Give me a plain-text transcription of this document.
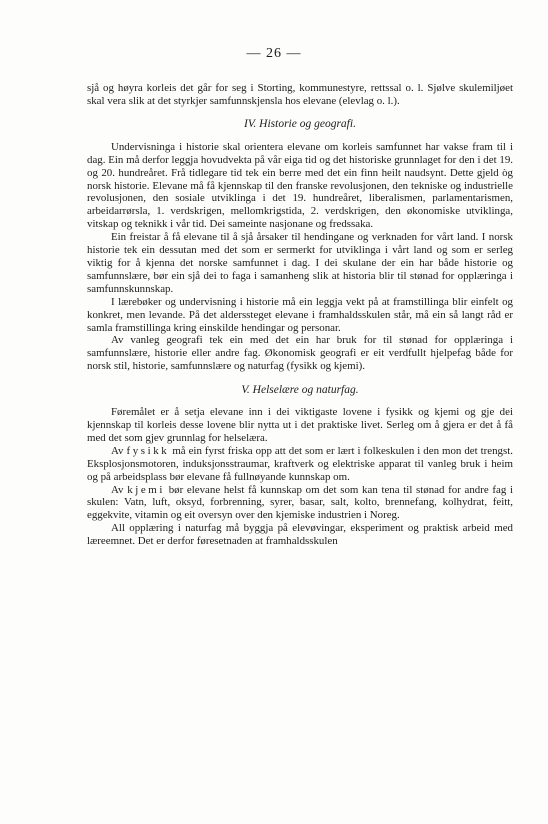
— 26 —

sjå og høyra korleis det går for seg i Storting, kommunestyre, rettssal o. l. Sjølve skulemiljøet skal vera slik at det styrkjer samfunnskjensla hos elevane (elevlag o. l.).

IV. Historie og geografi.

Undervisninga i historie skal orientera elevane om korleis samfunnet har vakse fram til i dag. Ein må derfor leggja hovudvekta på vår eiga tid og det historiske grunnlaget for den i det 19. og 20. hundreåret. Frå tidlegare tid tek ein berre med det ein finn heilt naudsynt. Dette gjeld òg norsk historie. Elevane må få kjennskap til den franske revolusjonen, den tekniske og industrielle revolusjonen, den sosiale utviklinga i det 19. hundreåret, liberalismen, parlamentarismen, arbeidarrørsla, 1. verdskrigen, mellomkrigstida, 2. verdskrigen, den økonomiske utviklinga, vitskap og teknikk i vår tid. Dei sameinte nasjonane og fredssaka.

Ein freistar å få elevane til å sjå årsaker til hendingane og verknaden for vårt land. I norsk historie tek ein dessutan med det som er sermerkt for utviklinga i vårt land og som er serleg viktig for å kjenna det norske samfunnet i dag. I dei skulane der ein har både historie og samfunnslære, bør ein sjå dei to faga i samanheng slik at historia blir til stønad for opplæringa i samfunnskunnskap.

I lærebøker og undervisning i historie må ein leggja vekt på at framstillinga blir einfelt og konkret, men levande. På det alderssteget elevane i framhaldsskulen står, må ein så langt råd er samla framstillinga kring einskilde hendingar og personar.

Av vanleg geografi tek ein med det ein har bruk for til stønad for opplæringa i samfunnslære, historie eller andre fag. Økonomisk geografi er eit verdfullt hjelpefag både for norsk stil, historie, samfunnslære og naturfag (fysikk og kjemi).

V. Helselære og naturfag.

Føremålet er å setja elevane inn i dei viktigaste lovene i fysikk og kjemi og gje dei kjennskap til korleis desse lovene blir nytta ut i det praktiske livet. Serleg om å gjera er det å få med det som gjev grunnlag for helselæra.

Av fysikk må ein fyrst friska opp att det som er lært i folkeskulen i den mon det trengst. Eksplosjonsmotoren, induksjonsstraumar, kraftverk og elektriske apparat til vanleg bruk i heim og på arbeidsplass bør elevane få fullnøyande kunnskap om.

Av kjemi bør elevane helst få kunnskap om det som kan tena til stønad for andre fag i skulen: Vatn, luft, oksyd, forbrenning, syrer, basar, salt, kolto, brennefang, kolhydrat, feitt, eggekvite, vitamin og eit oversyn over den kjemiske industrien i Noreg.

All opplæring i naturfag må byggja på elevøvingar, eksperiment og praktisk arbeid med læreemnet. Det er derfor føresetnaden at framhaldsskulen
